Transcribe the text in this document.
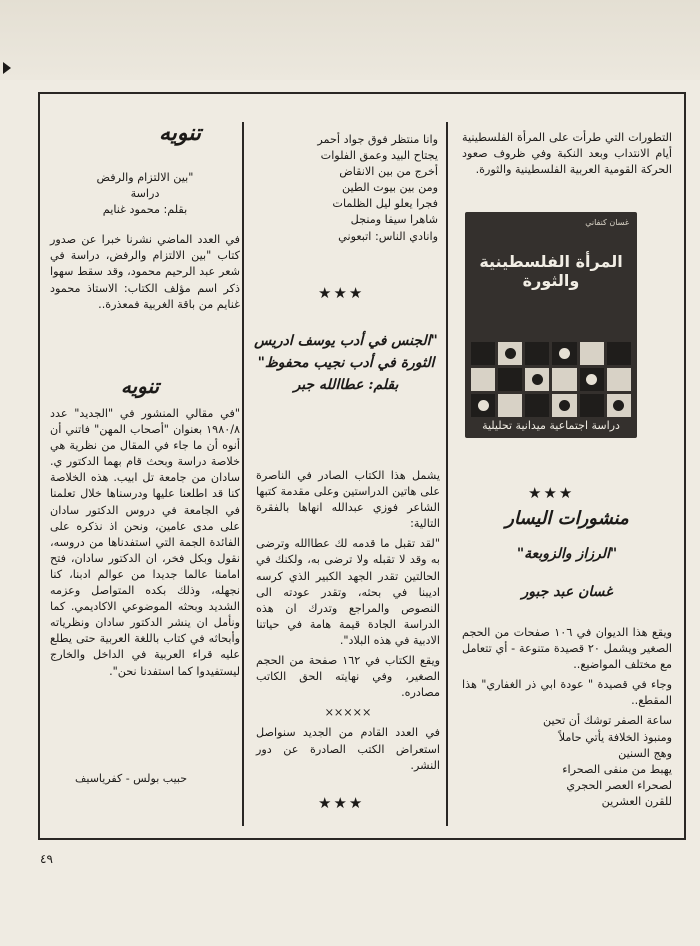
التطورات التي طرأت على المرأة الفلسطينية أيام الانتداب وبعد النكبة وفي ظروف صعود الحركة القومية العربية الفلسطينية والثورة.

غسان كنفاني
المرأة الفلسطينية والثورة
دراسة اجتماعية ميدانية تحليلية
★★★
منشورات اليسار
"الرزاز والزوبعة"
غسان عبد جبور

ويقع هذا الديوان في ١٠٦ صفحات من الحجم الصغير ويشمل ٢٠ قصيدة متنوعة - أي تتعامل مع مختلف المواضيع..

وجاء في قصيدة " عودة ابي ذر الغفاري" هذا المقطع..

ساعة الصفر توشك أن تحين
ومنبوذ الخلافة يأتي حاملاً
وهج السنين
يهبط من منفى الصحراء
لصحراء العصر الحجري
للقرن العشرين
وانا منتظر فوق جواد أحمر
يجتاح البيد وعمق الفلوات
أخرج من بين الانقاض
ومن بين بيوت الطين
فجرا يعلو ليل الظلمات
شاهرا سيفا ومنجل
وانادي الناس: اتبعوني
★★★
"الجنس في أدب يوسف ادريس
الثورة في أدب نجيب محفوظ"
بقلم: عطاالله جبر

يشمل هذا الكتاب الصادر في الناصرة على هاتين الدراستين وعلى مقدمة كتبها الشاعر فوزي عبدالله انهاها بالفقرة التالية:

"لقد تقبل ما قدمه لك عطاالله وترضى به وقد لا تقبله ولا ترضى به، ولكنك في الحالتين تقدر الجهد الكبير الذي كرسه اديبنا في بحثه، وتقدر عودته الى النصوص والمراجع وتدرك ان هذه الدراسة الجادة قيمة هامة في حياتنا الادبية في هذه البلاد".

ويقع الكتاب في ١٦٢ صفحة من الحجم الصغير، وفي نهايته الحق الكاتب مصادره.

×××××

في العدد القادم من الجديد سنواصل استعراض الكتب الصادرة عن دور النشر.

★★★
تنويه
"بين الالتزام والرفض
دراسة
بقلم: محمود غنايم

في العدد الماضي نشرنا خبرا عن صدور كتاب "بين الالتزام والرفض، دراسة في شعر عبد الرحيم محمود، وقد سقط سهوا ذكر اسم مؤلف الكتاب: الاستاذ محمود غنايم من باقة الغربية فمعذرة..

تنويه

"في مقالي المنشور في "الجديد" عدد ١٩٨٠/٨ بعنوان "أصحاب المهن" فاتني أن أنوه أن ما جاء في المقال من نظرية هي خلاصة دراسة وبحث قام بهما الدكتور ي. سادان من جامعة تل ابيب. هذه الخلاصة كنا قد اطلعنا عليها ودرسناها خلال تعلمنا في الجامعة في دروس الدكتور سادان على مدى عامين، ونحن اذ نذكره على الفائدة الجمة التي استفدناها من دروسه، نقول وبكل فخر، ان الدكتور سادان، فتح امامنا عالما جديدا من عوالم ادبنا، كنا نجهله، وذلك بكده المتواصل وعزمه الشديد وبحثه الموضوعي الاكاديمي. كما ونأمل ان ينشر الدكتور سادان ونظرياته وأبحاثه في كتاب باللغة العربية حتى يطلع عليه قراء العربية في الداخل والخارج ليستفيدوا كما استفدنا نحن".

حبيب بولس - كفرياسيف
٤٩
